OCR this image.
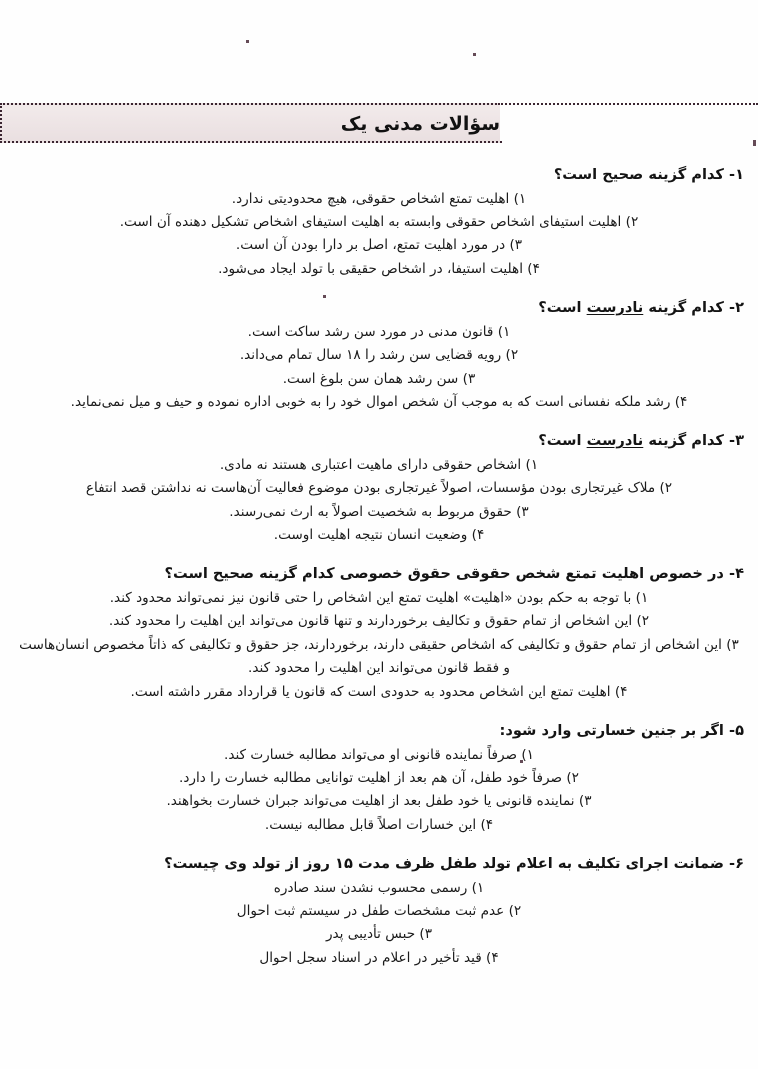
سؤالات مدنی یک

۱- کدام گزینه صحیح است؟

۱) اهلیت تمتع اشخاص حقوقی، هیچ محدودیتی ندارد.
۲) اهلیت استیفای اشخاص حقوقی وابسته به اهلیت استیفای اشخاص تشکیل دهنده آن است.
۳) در مورد اهلیت تمتع، اصل بر دارا بودن آن است.
۴) اهلیت استیفا، در اشخاص حقیقی با تولد ایجاد می‌شود.

۲- کدام گزینه نادرست است؟

۱) قانون مدنی در مورد سن رشد ساکت است.
۲) رویه قضایی سن رشد را ۱۸ سال تمام می‌داند.
۳) سن رشد همان سن بلوغ است.
۴) رشد ملکه نفسانی است که به موجب آن شخص اموال خود را به خوبی اداره نموده و حیف و میل نمی‌نماید.

۳- کدام گزینه نادرست است؟

۱) اشخاص حقوقی دارای ماهیت اعتباری هستند نه مادی.
۲) ملاک غیرتجاری بودن مؤسسات، اصولاً غیرتجاری بودن موضوع فعالیت آن‌هاست نه نداشتن قصد انتفاع
۳) حقوق مربوط به شخصیت اصولاً به ارث نمی‌رسند.
۴) وضعیت انسان نتیجه اهلیت اوست.

۴- در خصوص اهلیت تمتع شخص حقوقی حقوق خصوصی کدام گزینه صحیح است؟

۱) با توجه به حکم بودن «اهلیت» اهلیت تمتع این اشخاص را حتی قانون نیز نمی‌تواند محدود کند.
۲) این اشخاص از تمام حقوق و تکالیف برخوردارند و تنها قانون می‌تواند این اهلیت را محدود کند.
۳) این اشخاص از تمام حقوق و تکالیفی که اشخاص حقیقی دارند، برخوردارند، جز حقوق و تکالیفی که ذاتاً مخصوص انسان‌هاست و فقط قانون می‌تواند این اهلیت را محدود کند.
۴) اهلیت تمتع این اشخاص محدود به حدودی است که قانون یا قرارداد مقرر داشته است.

۵- اگر بر جنین خسارتی وارد شود:

۱) صرفاً نماینده قانونی او می‌تواند مطالبه خسارت کند.
۲) صرفاً خود طفل، آن هم بعد از اهلیت توانایی مطالبه خسارت را دارد.
۳) نماینده قانونی یا خود طفل بعد از اهلیت می‌تواند جبران خسارت بخواهند.
۴) این خسارات اصلاً قابل مطالبه نیست.

۶- ضمانت اجرای تکلیف به اعلام تولد طفل ظرف مدت ۱۵ روز از تولد وی چیست؟

۱) رسمی محسوب نشدن سند صادره
۲) عدم ثبت مشخصات طفل در سیستم ثبت احوال
۳) حبس تأدیبی پدر
۴) قید تأخیر در اعلام در اسناد سجل احوال
